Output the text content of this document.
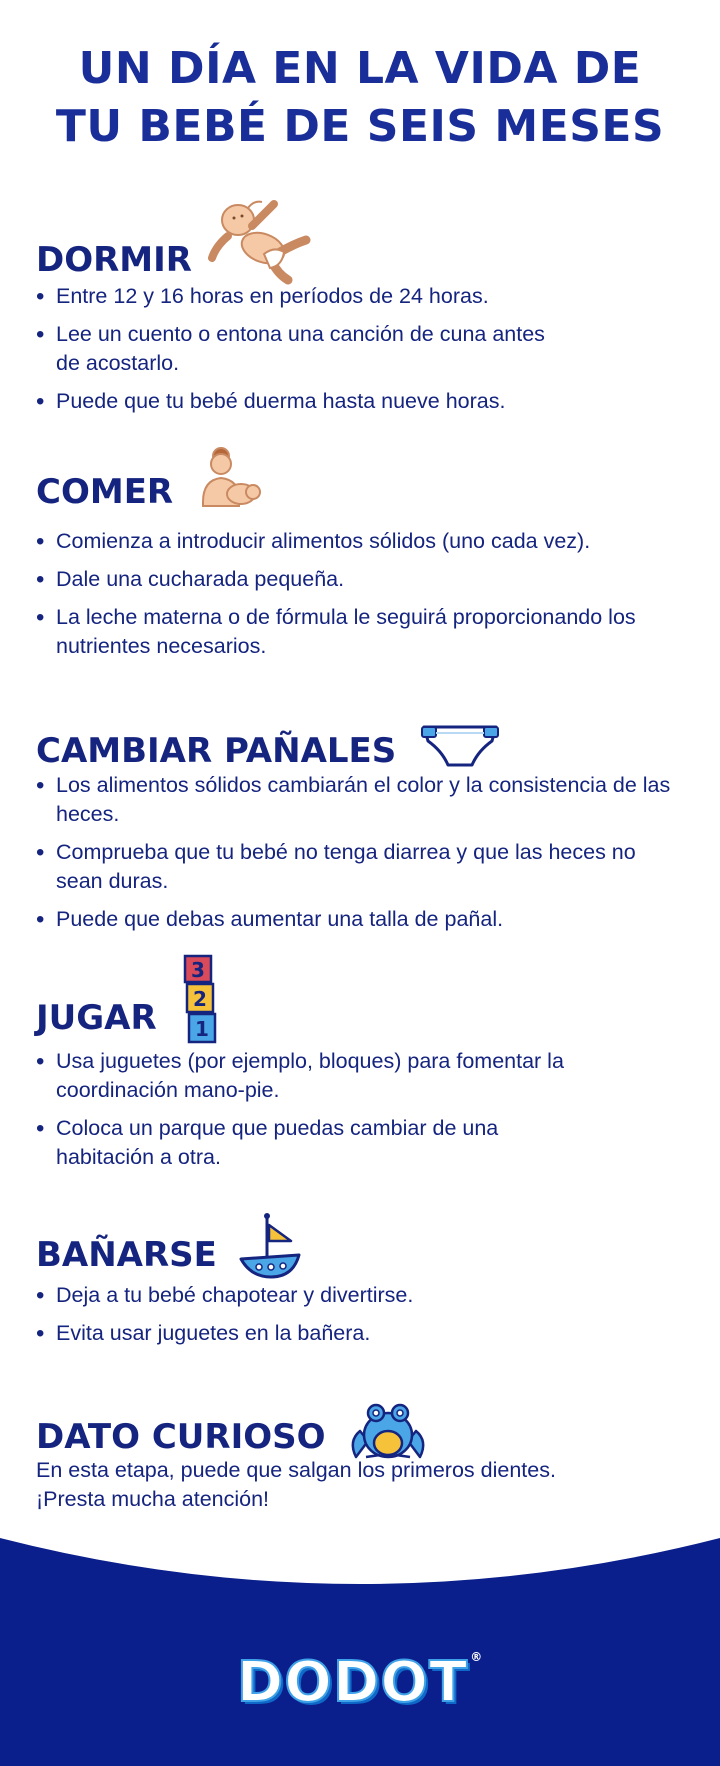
UN DÍA EN LA VIDA DE
TU BEBÉ DE SEIS MESES
DORMIR
• Entre 12 y 16 horas en períodos de 24 horas.
• Lee un cuento o entona una canción de cuna antes de acostarlo.
• Puede que tu bebé duerma hasta nueve horas.
COMER
• Comienza a introducir alimentos sólidos (uno cada vez).
• Dale una cucharada pequeña.
• La leche materna o de fórmula le seguirá proporcionando los nutrientes necesarios.
CAMBIAR PAÑALES
• Los alimentos sólidos cambiarán el color y la consistencia de las heces.
• Comprueba que tu bebé no tenga diarrea y que las heces no sean duras.
• Puede que debas aumentar una talla de pañal.
JUGAR
3
2
1
• Usa juguetes (por ejemplo, bloques) para fomentar la coordinación mano-pie.
• Coloca un parque que puedas cambiar de una habitación a otra.
BAÑARSE
• Deja a tu bebé chapotear y divertirse.
• Evita usar juguetes en la bañera.
DATO CURIOSO
En esta etapa, puede que salgan los primeros dientes. ¡Presta mucha atención!
DODOT ®
